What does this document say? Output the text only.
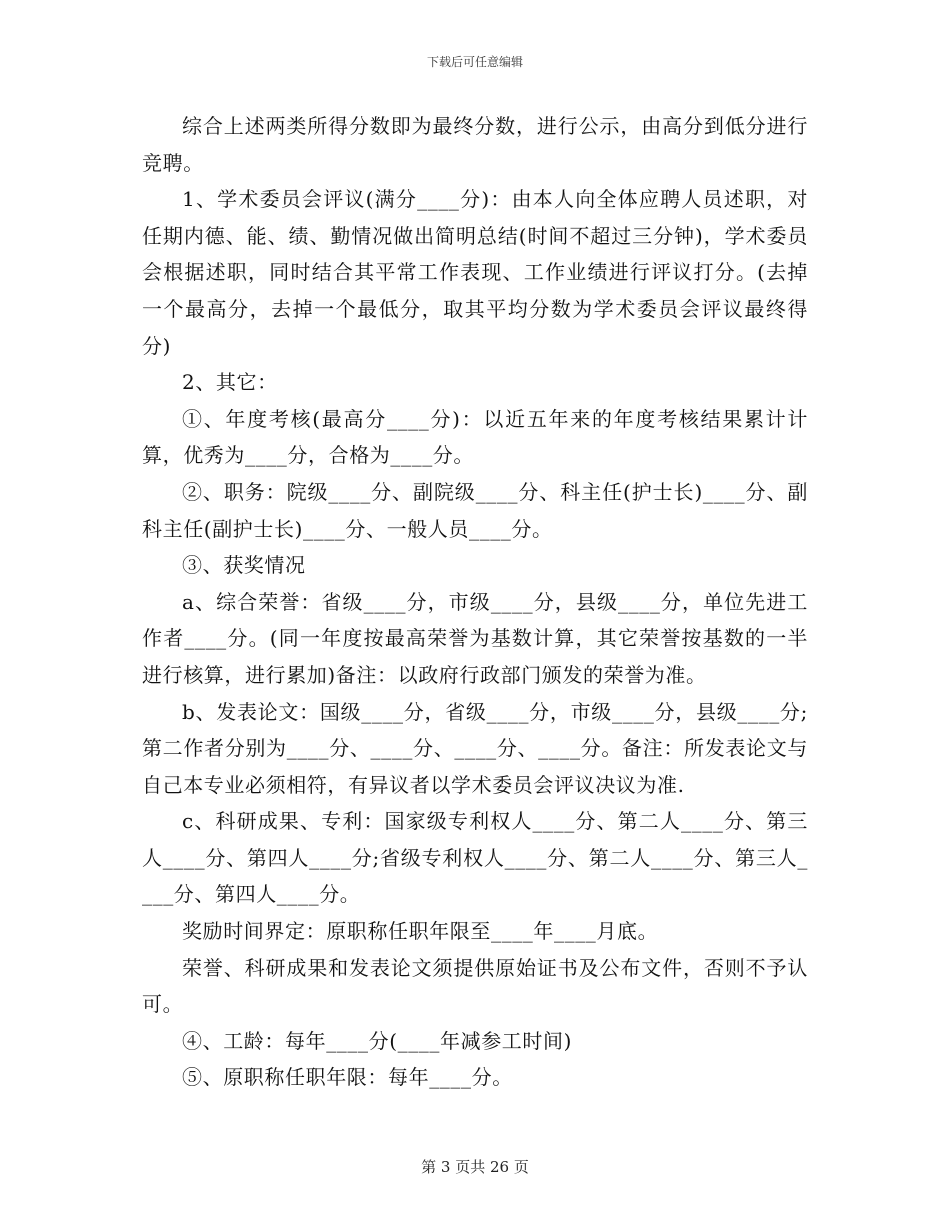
下载后可任意编辑

综合上述两类所得分数即为最终分数，进行公示，由高分到低分进行竞聘。

1、学术委员会评议(满分____分)：由本人向全体应聘人员述职，对任期内德、能、绩、勤情况做出简明总结(时间不超过三分钟)，学术委员会根据述职，同时结合其平常工作表现、工作业绩进行评议打分。(去掉一个最高分，去掉一个最低分，取其平均分数为学术委员会评议最终得分)

2、其它：

①、年度考核(最高分____分)：以近五年来的年度考核结果累计计算，优秀为____分，合格为____分。

②、职务：院级____分、副院级____分、科主任(护士长)____分、副科主任(副护士长)____分、一般人员____分。

③、获奖情况

a、综合荣誉：省级____分，市级____分，县级____分，单位先进工作者____分。(同一年度按最高荣誉为基数计算，其它荣誉按基数的一半进行核算，进行累加)备注：以政府行政部门颁发的荣誉为准。

b、发表论文：国级____分，省级____分，市级____分，县级____分;第二作者分别为____分、____分、____分、____分。备注：所发表论文与自己本专业必须相符，有异议者以学术委员会评议决议为准.

c、科研成果、专利：国家级专利权人____分、第二人____分、第三人____分、第四人____分;省级专利权人____分、第二人____分、第三人____分、第四人____分。

奖励时间界定：原职称任职年限至____年____月底。

荣誉、科研成果和发表论文须提供原始证书及公布文件，否则不予认可。

④、工龄：每年____分(____年减参工时间)

⑤、原职称任职年限：每年____分。

第 3 页共 26 页
